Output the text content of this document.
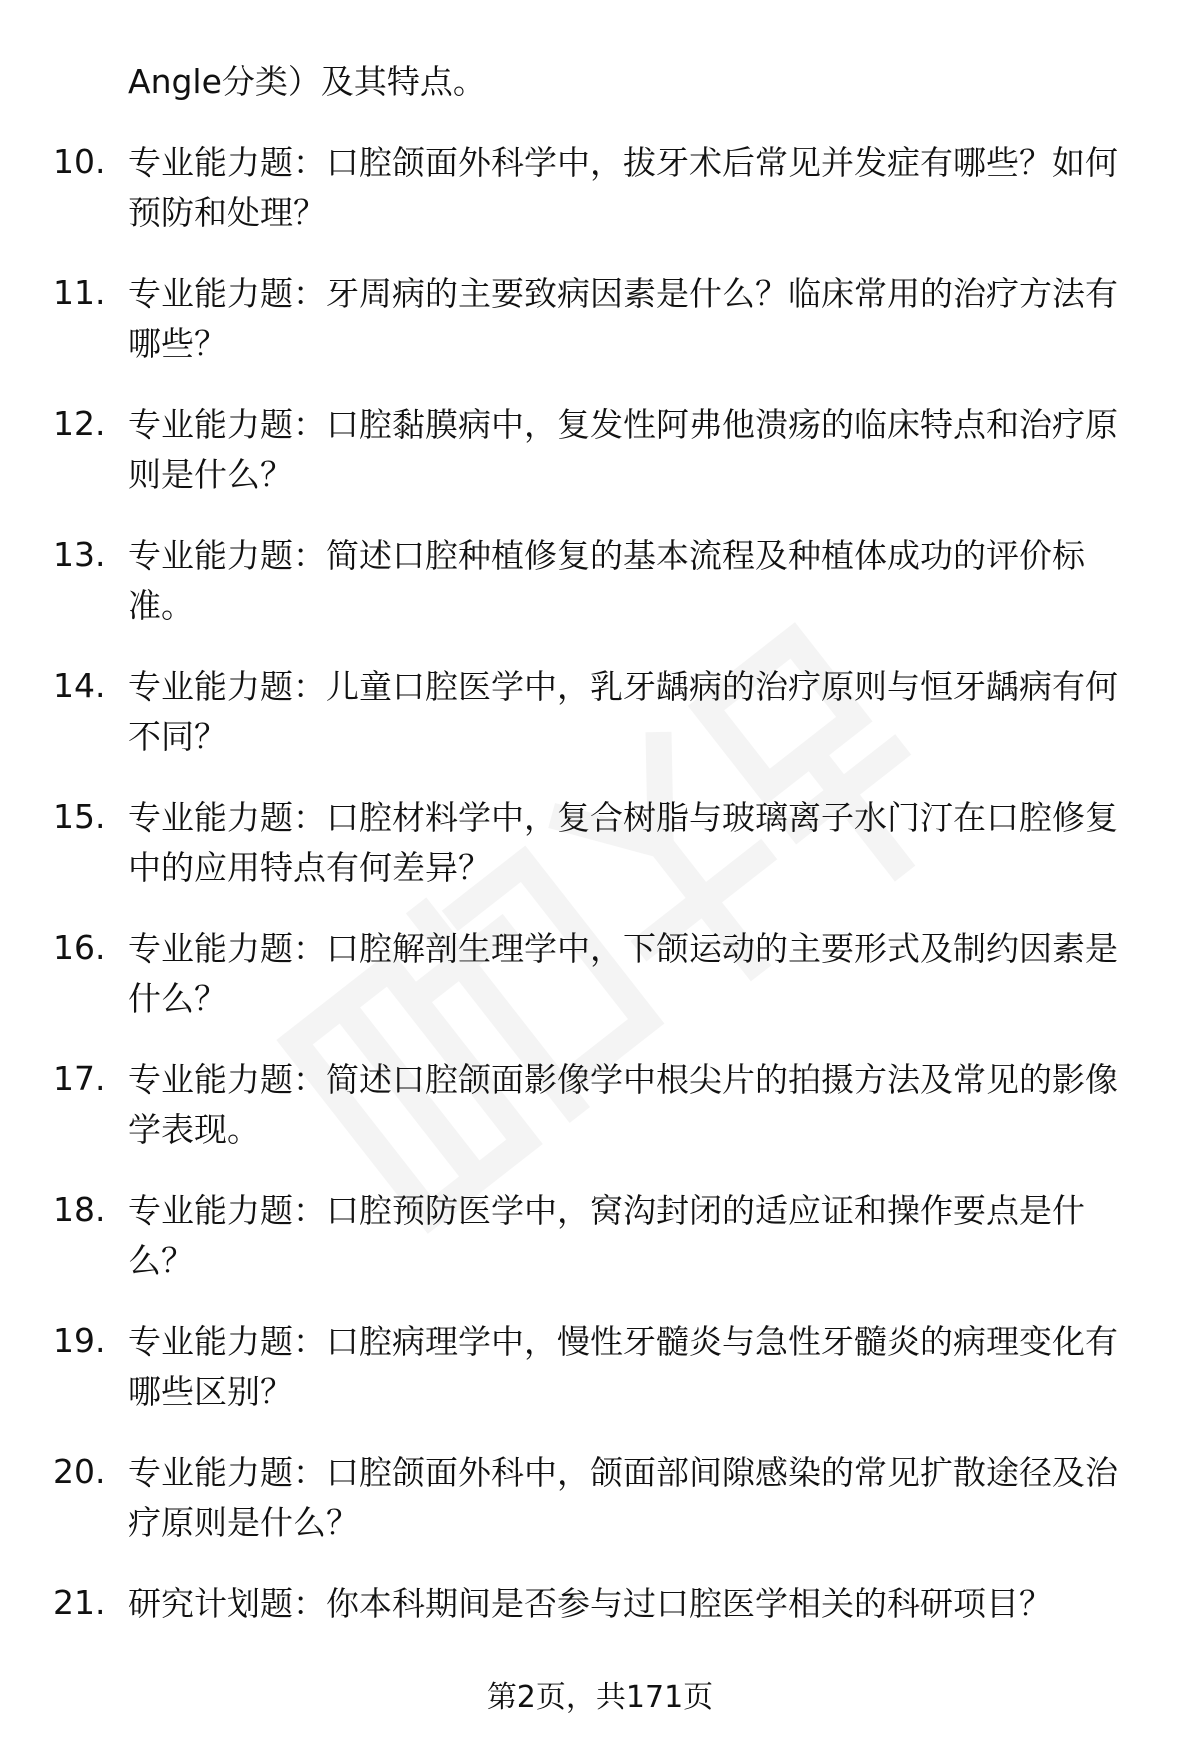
Angle分类）及其特点。
10. 专业能力题：口腔颌面外科学中，拔牙术后常见并发症有哪些？如何预防和处理？
11. 专业能力题：牙周病的主要致病因素是什么？临床常用的治疗方法有哪些？
12. 专业能力题：口腔黏膜病中，复发性阿弗他溃疡的临床特点和治疗原则是什么？
13. 专业能力题：简述口腔种植修复的基本流程及种植体成功的评价标准。
14. 专业能力题：儿童口腔医学中，乳牙龋病的治疗原则与恒牙龋病有何不同？
15. 专业能力题：口腔材料学中，复合树脂与玻璃离子水门汀在口腔修复中的应用特点有何差异？
16. 专业能力题：口腔解剖生理学中，下颌运动的主要形式及制约因素是什么？
17. 专业能力题：简述口腔颌面影像学中根尖片的拍摄方法及常见的影像学表现。
18. 专业能力题：口腔预防医学中，窝沟封闭的适应证和操作要点是什么？
19. 专业能力题：口腔病理学中，慢性牙髓炎与急性牙髓炎的病理变化有哪些区别？
20. 专业能力题：口腔颌面外科中，颌面部间隙感染的常见扩散途径及治疗原则是什么？
21. 研究计划题：你本科期间是否参与过口腔医学相关的科研项目？
第2页，共171页
